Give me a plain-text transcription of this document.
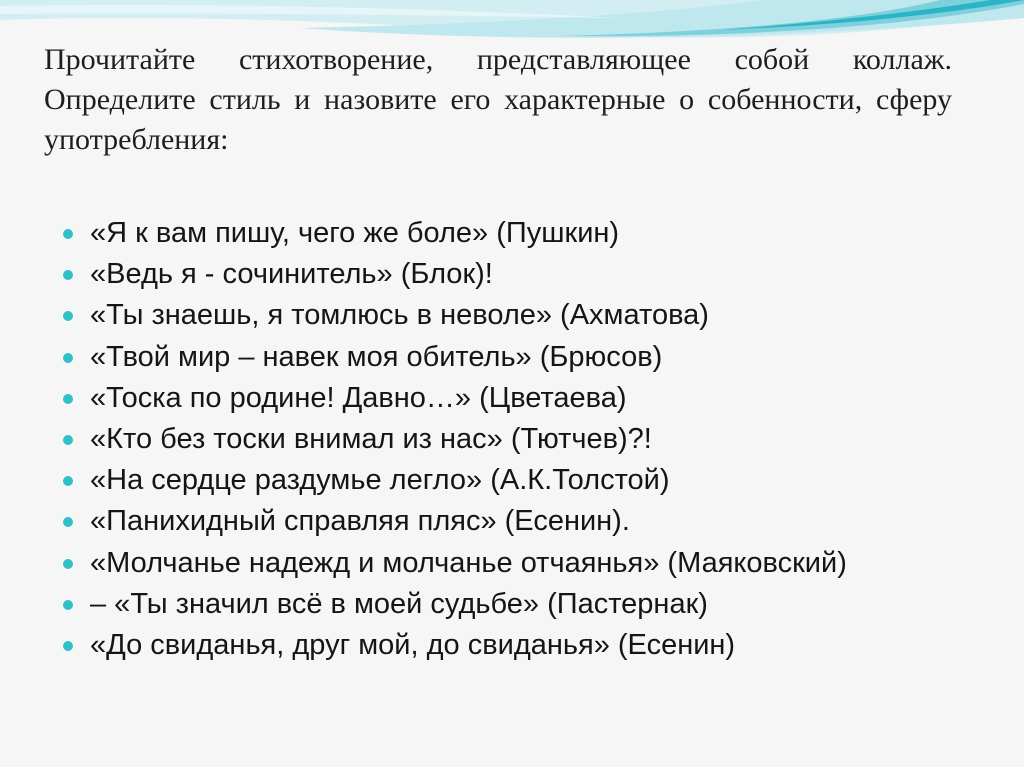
Прочитайте стихотворение, представляющее собой коллаж. Определите стиль и назовите его характерные о собенности, сферу употребления:
«Я к вам пишу, чего же боле» (Пушкин)
«Ведь я - сочинитель» (Блок)!
«Ты знаешь, я томлюсь в неволе» (Ахматова)
«Твой мир – навек моя обитель» (Брюсов)
«Тоска по родине! Давно…» (Цветаева)
«Кто без тоски внимал из нас» (Тютчев)?!
«На сердце раздумье легло» (А.К.Толстой)
«Панихидный справляя пляс» (Есенин).
«Молчанье надежд и молчанье отчаянья» (Маяковский)
– «Ты значил всё в моей судьбе» (Пастернак)
«До свиданья, друг мой, до свиданья» (Есенин)
